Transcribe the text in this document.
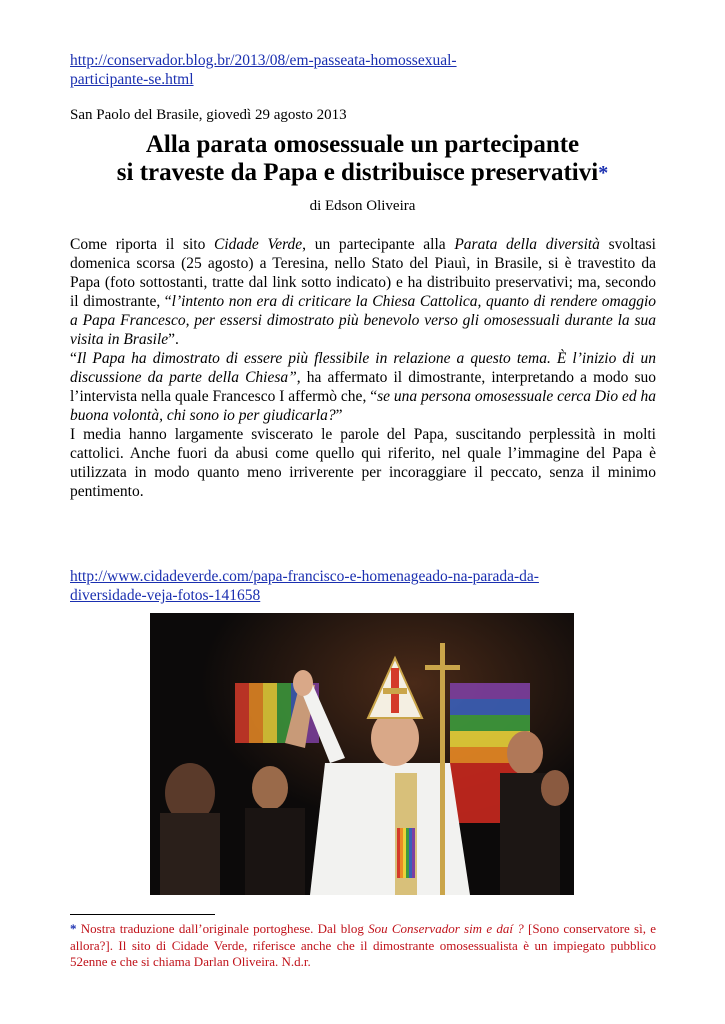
http://conservador.blog.br/2013/08/em-passeata-homossexual-
participante-se.html
San Paolo del Brasile, giovedì 29 agosto 2013
Alla parata omosessuale un partecipante
si traveste da Papa e distribuisce preservativi*
di Edson Oliveira

Come riporta il sito Cidade Verde, un partecipante alla Parata della diversità svoltasi domenica scorsa (25 agosto) a Teresina, nello Stato del Piauì, in Brasile, si è travestito da Papa (foto sottostanti, tratte dal link sotto indicato) e ha distribuito preservativi; ma, secondo il dimostrante, “l’intento non era di criticare la Chiesa Cattolica, quanto di rendere omaggio a Papa Francesco, per essersi dimostrato più benevolo verso gli omosessuali durante la sua visita in Brasile”.

“Il Papa ha dimostrato di essere più flessibile in relazione a questo tema. È l’inizio di un discussione da parte della Chiesa”, ha affermato il dimostrante, interpretando a modo suo l’intervista nella quale Francesco I affermò che, “se una persona omosessuale cerca Dio ed ha buona volontà, chi sono io per giudicarla?”

I media hanno largamente sviscerato le parole del Papa, suscitando perplessità in molti cattolici. Anche fuori da abusi come quello qui riferito, nel quale l’immagine del Papa è utilizzata in modo quanto meno irriverente per incoraggiare il peccato, senza il minimo pentimento.

http://www.cidadeverde.com/papa-francisco-e-homenageado-na-parada-da-
diversidade-veja-fotos-141658
* Nostra traduzione dall’originale portoghese. Dal blog Sou Conservador sim e daí ? [Sono conservatore sì, e allora?]. Il sito di Cidade Verde, riferisce anche che il dimostrante omosessualista è un impiegato pubblico 52enne e che si chiama Darlan Oliveira. N.d.r.
